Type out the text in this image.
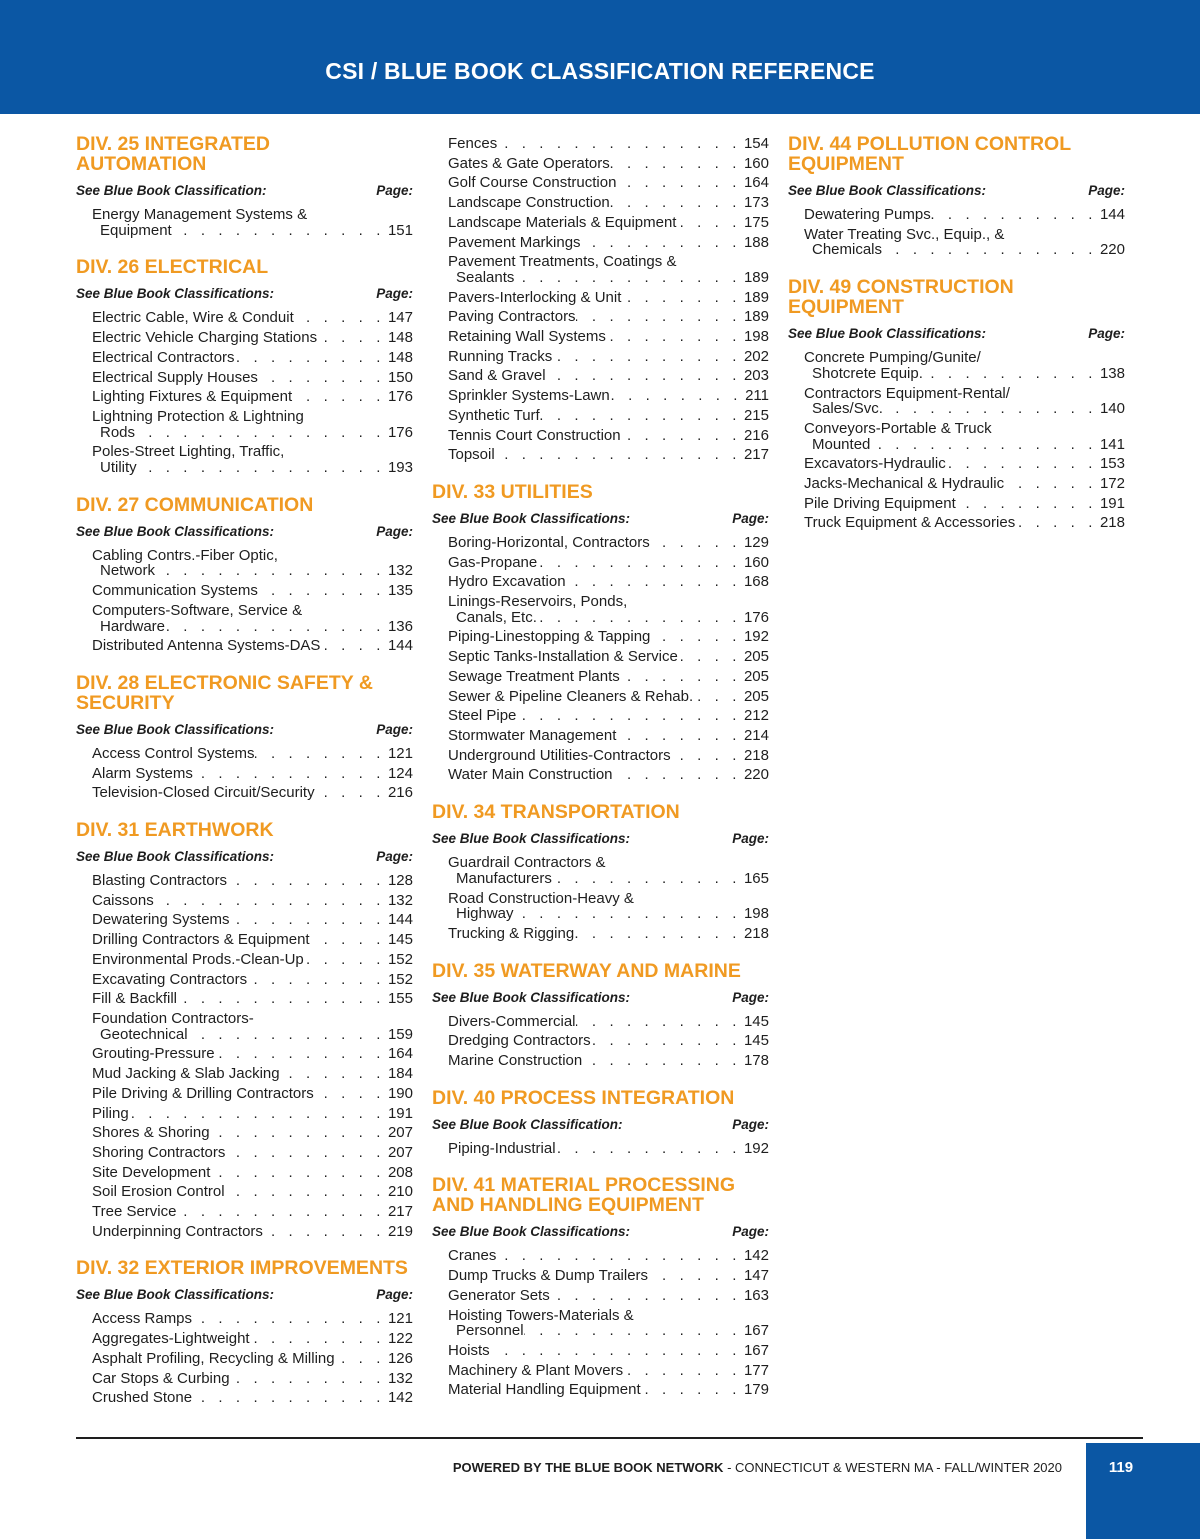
CSI / BLUE BOOK CLASSIFICATION REFERENCE
DIV. 25 INTEGRATED
AUTOMATION
See Blue Book Classification:	Page:
Energy Management Systems &
Equipment . . .	151
DIV. 26 ELECTRICAL
See Blue Book Classifications:	Page:
Electric Cable, Wire & Conduit . . .	147
Electric Vehicle Charging Stations . . .	148
Electrical Contractors . . .	148
Electrical Supply Houses . . .	150
Lighting Fixtures & Equipment . . .	176
Lightning Protection & Lightning
Rods . . .	176
Poles-Street Lighting, Traffic,
Utility . . .	193
DIV. 27 COMMUNICATION
See Blue Book Classifications:	Page:
Cabling Contrs.-Fiber Optic,
Network . . .	132
Communication Systems . . .	135
Computers-Software, Service &
Hardware . . .	136
Distributed Antenna Systems-DAS . . .	144
DIV. 28 ELECTRONIC SAFETY &
SECURITY
See Blue Book Classifications:	Page:
Access Control Systems . . .	121
Alarm Systems . . .	124
Television-Closed Circuit/Security . . .	216
DIV. 31 EARTHWORK
See Blue Book Classifications:	Page:
Blasting Contractors . . .	128
Caissons . . .	132
Dewatering Systems . . .	144
Drilling Contractors & Equipment . . .	145
Environmental Prods.-Clean-Up . . .	152
Excavating Contractors . . .	152
Fill & Backfill . . .	155
Foundation Contractors-
Geotechnical . . .	159
Grouting-Pressure . . .	164
Mud Jacking & Slab Jacking . . .	184
Pile Driving & Drilling Contractors . . .	190
Piling . . .	191
Shores & Shoring . . .	207
Shoring Contractors . . .	207
Site Development . . .	208
Soil Erosion Control . . .	210
Tree Service . . .	217
Underpinning Contractors . . .	219
DIV. 32 EXTERIOR IMPROVEMENTS
See Blue Book Classifications:	Page:
Access Ramps . . .	121
Aggregates-Lightweight . . .	122
Asphalt Profiling, Recycling & Milling . . .	126
Car Stops & Curbing . . .	132
Crushed Stone . . .	142
Fences . . .	154
Gates & Gate Operators . . .	160
Golf Course Construction . . .	164
Landscape Construction . . .	173
Landscape Materials & Equipment . . .	175
Pavement Markings . . .	188
Pavement Treatments, Coatings &
Sealants . . .	189
Pavers-Interlocking & Unit . . .	189
Paving Contractors . . .	189
Retaining Wall Systems . . .	198
Running Tracks . . .	202
Sand & Gravel . . .	203
Sprinkler Systems-Lawn . . .	211
Synthetic Turf . . .	215
Tennis Court Construction . . .	216
Topsoil . . .	217
DIV. 33 UTILITIES
See Blue Book Classifications:	Page:
Boring-Horizontal, Contractors . . .	129
Gas-Propane . . .	160
Hydro Excavation . . .	168
Linings-Reservoirs, Ponds,
Canals, Etc. . . .	176
Piping-Linestopping & Tapping . . .	192
Septic Tanks-Installation & Service . . .	205
Sewage Treatment Plants . . .	205
Sewer & Pipeline Cleaners & Rehab. . . .	205
Steel Pipe . . .	212
Stormwater Management . . .	214
Underground Utilities-Contractors . . .	218
Water Main Construction . . .	220
DIV. 34 TRANSPORTATION
See Blue Book Classifications:	Page:
Guardrail Contractors &
Manufacturers . . .	165
Road Construction-Heavy &
Highway . . .	198
Trucking & Rigging . . .	218
DIV. 35 WATERWAY AND MARINE
See Blue Book Classifications:	Page:
Divers-Commercial . . .	145
Dredging Contractors . . .	145
Marine Construction . . .	178
DIV. 40 PROCESS INTEGRATION
See Blue Book Classification:	Page:
Piping-Industrial . . .	192
DIV. 41 MATERIAL PROCESSING
AND HANDLING EQUIPMENT
See Blue Book Classifications:	Page:
Cranes . . .	142
Dump Trucks & Dump Trailers . . .	147
Generator Sets . . .	163
Hoisting Towers-Materials &
Personnel . . .	167
Hoists . . .	167
Machinery & Plant Movers . . .	177
Material Handling Equipment . . .	179
DIV. 44 POLLUTION CONTROL
EQUIPMENT
See Blue Book Classifications:	Page:
Dewatering Pumps . . .	144
Water Treating Svc., Equip., &
Chemicals . . .	220
DIV. 49 CONSTRUCTION
EQUIPMENT
See Blue Book Classifications:	Page:
Concrete Pumping/Gunite/
Shotcrete Equip. . . .	138
Contractors Equipment-Rental/
Sales/Svc. . . .	140
Conveyors-Portable & Truck
Mounted . . .	141
Excavators-Hydraulic . . .	153
Jacks-Mechanical & Hydraulic . . .	172
Pile Driving Equipment . . .	191
Truck Equipment & Accessories . . .	218
POWERED BY THE BLUE BOOK NETWORK - CONNECTICUT & WESTERN MA - FALL/WINTER 2020	119
